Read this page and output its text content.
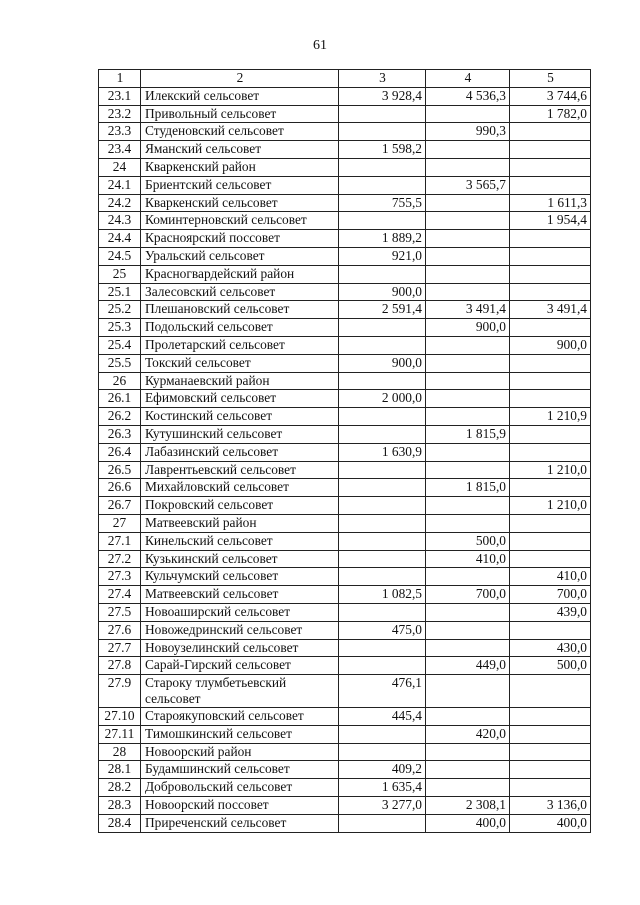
61
1	2	3	4	5
23.1	Илекский сельсовет	3 928,4	4 536,3	3 744,6
23.2	Привольный сельсовет			1 782,0
23.3	Студеновский сельсовет		990,3	
23.4	Яманский сельсовет	1 598,2		
24	Кваркенский район			
24.1	Бриентский сельсовет		3 565,7	
24.2	Кваркенский сельсовет	755,5		1 611,3
24.3	Коминтерновский сельсовет			1 954,4
24.4	Красноярский поссовет	1 889,2		
24.5	Уральский сельсовет	921,0		
25	Красногвардейский район			
25.1	Залесовский сельсовет	900,0		
25.2	Плешановский сельсовет	2 591,4	3 491,4	3 491,4
25.3	Подольский сельсовет		900,0	
25.4	Пролетарский сельсовет			900,0
25.5	Токский сельсовет	900,0		
26	Курманаевский район			
26.1	Ефимовский сельсовет	2 000,0		
26.2	Костинский сельсовет			1 210,9
26.3	Кутушинский сельсовет		1 815,9	
26.4	Лабазинский сельсовет	1 630,9		
26.5	Лаврентьевский сельсовет			1 210,0
26.6	Михайловский сельсовет		1 815,0	
26.7	Покровский сельсовет			1 210,0
27	Матвеевский район			
27.1	Кинельский сельсовет		500,0	
27.2	Кузькинский сельсовет		410,0	
27.3	Кульчумский сельсовет			410,0
27.4	Матвеевский сельсовет	1 082,5	700,0	700,0
27.5	Новоаширский сельсовет			439,0
27.6	Новожедринский сельсовет	475,0		
27.7	Новоузелинский сельсовет			430,0
27.8	Сарай-Гирский сельсовет		449,0	500,0
27.9	Староку тлумбетьевский сельсовет	476,1		
27.10	Староякуповский сельсовет	445,4		
27.11	Тимошкинский сельсовет		420,0	
28	Новоорский район			
28.1	Будамшинский сельсовет	409,2		
28.2	Добровольский сельсовет	1 635,4		
28.3	Новоорский поссовет	3 277,0	2 308,1	3 136,0
28.4	Приреченский сельсовет		400,0	400,0
